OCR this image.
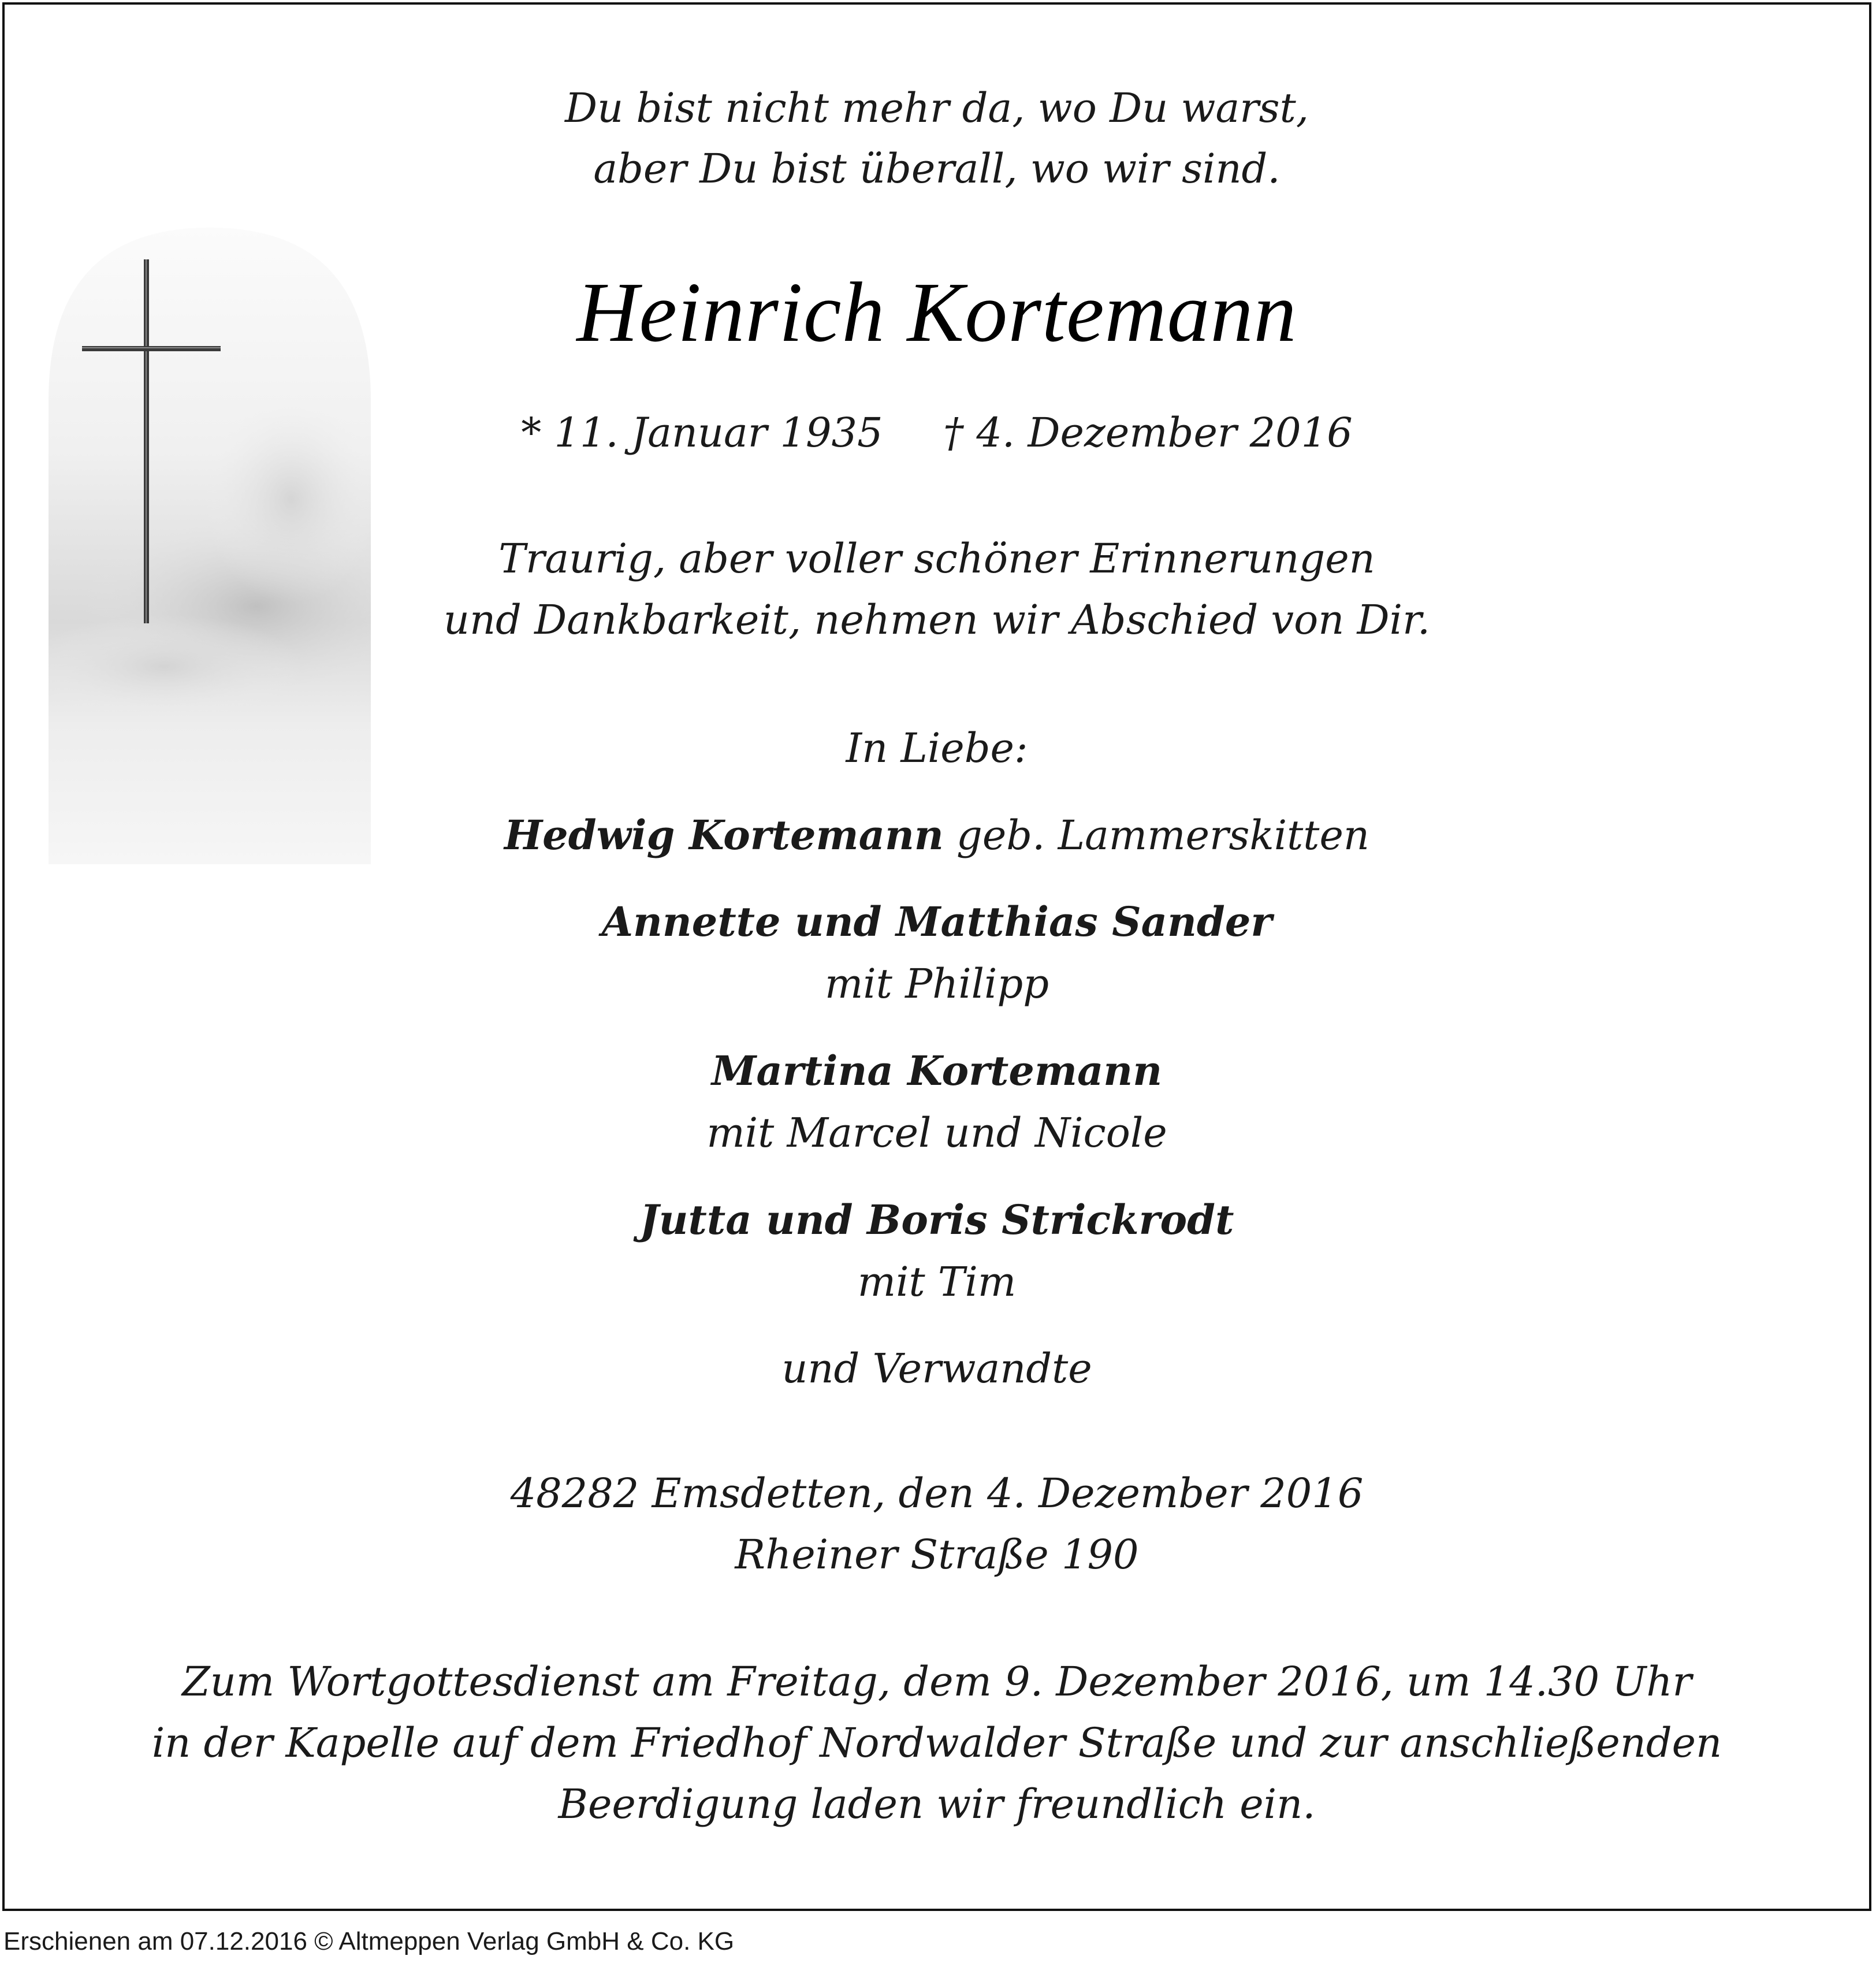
Du bist nicht mehr da, wo Du warst,
aber Du bist überall, wo wir sind.
Heinrich Kortemann
* 11. Januar 1935 † 4. Dezember 2016
Traurig, aber voller schöner Erinnerungen
und Dankbarkeit, nehmen wir Abschied von Dir.
In Liebe:
Hedwig Kortemann geb. Lammerskitten
Annette und Matthias Sander
mit Philipp
Martina Kortemann
mit Marcel und Nicole
Jutta und Boris Strickrodt
mit Tim
und Verwandte
48282 Emsdetten, den 4. Dezember 2016
Rheiner Straße 190
Zum Wortgottesdienst am Freitag, dem 9. Dezember 2016, um 14.30 Uhr
in der Kapelle auf dem Friedhof Nordwalder Straße und zur anschließenden
Beerdigung laden wir freundlich ein.
Erschienen am 07.12.2016 © Altmeppen Verlag GmbH & Co. KG
